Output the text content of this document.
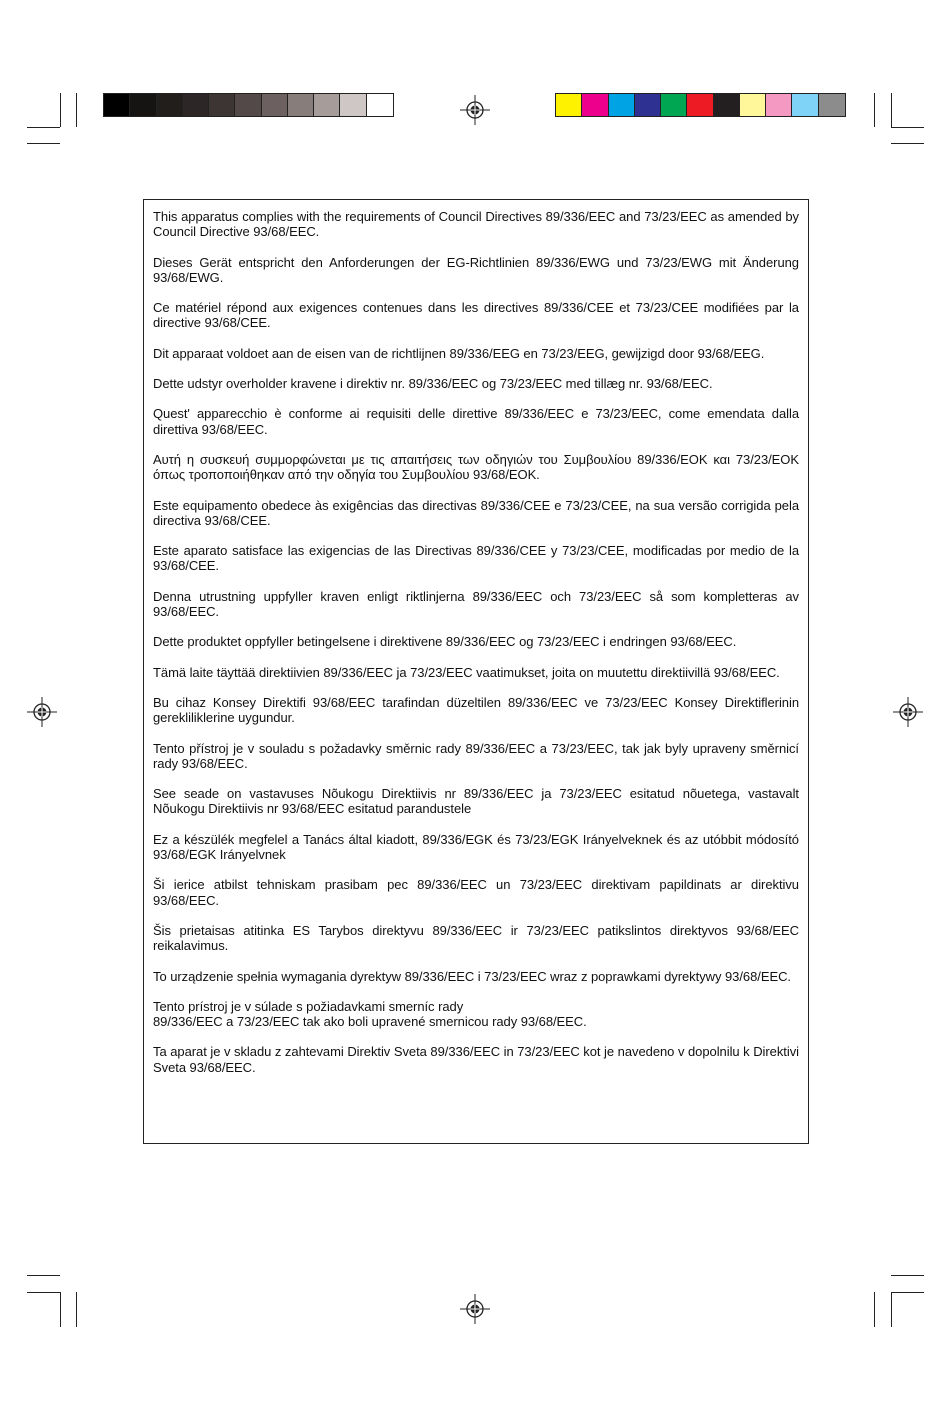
This apparatus complies with the requirements of Council Directives 89/336/EEC and 73/23/EEC as amended by Council Directive 93/68/EEC.

Dieses Gerät entspricht den Anforderungen der EG-Richtlinien 89/336/EWG und 73/23/EWG mit Änderung 93/68/EWG.

Ce matériel répond aux exigences contenues dans les directives 89/336/CEE et 73/23/CEE modifiées par la directive 93/68/CEE.

Dit apparaat voldoet aan de eisen van de richtlijnen 89/336/EEG en 73/23/EEG, gewijzigd door 93/68/EEG.

Dette udstyr overholder kravene i direktiv nr. 89/336/EEC og 73/23/EEC med tillæg nr. 93/68/EEC.

Quest' apparecchio è conforme ai requisiti delle direttive 89/336/EEC e 73/23/EEC, come emendata dalla direttiva 93/68/EEC.

Αυτή η συσκευή συμμορφώνεται με τις απαιτήσεις των οδηγιών του Συμβουλίου 89/336/ΕΟΚ και 73/23/ΕΟΚ όπως τροποποιήθηκαν από την οδηγία του Συμβουλίου 93/68/ΕΟΚ.

Este equipamento obedece às exigências das directivas 89/336/CEE e 73/23/CEE, na sua versão corrigida pela directiva 93/68/CEE.

Este aparato satisface las exigencias de las Directivas 89/336/CEE y 73/23/CEE, modificadas por medio de la 93/68/CEE.

Denna utrustning uppfyller kraven enligt riktlinjerna 89/336/EEC och 73/23/EEC så som kompletteras av 93/68/EEC.

Dette produktet oppfyller betingelsene i direktivene 89/336/EEC og 73/23/EEC i endringen 93/68/EEC.

Tämä laite täyttää direktiivien 89/336/EEC ja 73/23/EEC vaatimukset, joita on muutettu direktiivillä 93/68/EEC.

Bu cihaz Konsey Direktifi 93/68/EEC tarafindan düzeltilen 89/336/EEC ve 73/23/EEC Konsey Direktiflerinin gerekliliklerine uygundur.

Tento přístroj je v souladu s požadavky směrnic rady 89/336/EEC a 73/23/EEC, tak jak byly upraveny směrnicí rady 93/68/EEC.

See seade on vastavuses Nõukogu Direktiivis nr 89/336/EEC ja 73/23/EEC esitatud nõuetega, vastavalt Nõukogu Direktiivis nr 93/68/EEC esitatud parandustele

Ez a készülék megfelel a Tanács által kiadott, 89/336/EGK és 73/23/EGK Irányelveknek és az utóbbit módosító 93/68/EGK Irányelvnek

Ši ierice atbilst tehniskam prasibam pec 89/336/EEC un 73/23/EEC direktivam papildinats ar direktivu 93/68/EEC.

Šis prietaisas atitinka ES Tarybos direktyvu 89/336/EEC ir 73/23/EEC patikslintos direktyvos 93/68/EEC reikalavimus.

To urządzenie spełnia wymagania dyrektyw 89/336/EEC i 73/23/EEC wraz z poprawkami dyrektywy 93/68/EEC.

Tento prístroj je v súlade s požiadavkami smerníc rady
89/336/EEC a 73/23/EEC tak ako boli upravené smernicou rady 93/68/EEC.

Ta aparat je v skladu z zahtevami Direktiv Sveta 89/336/EEC in 73/23/EEC kot je navedeno v dopolnilu k Direktivi Sveta 93/68/EEC.
